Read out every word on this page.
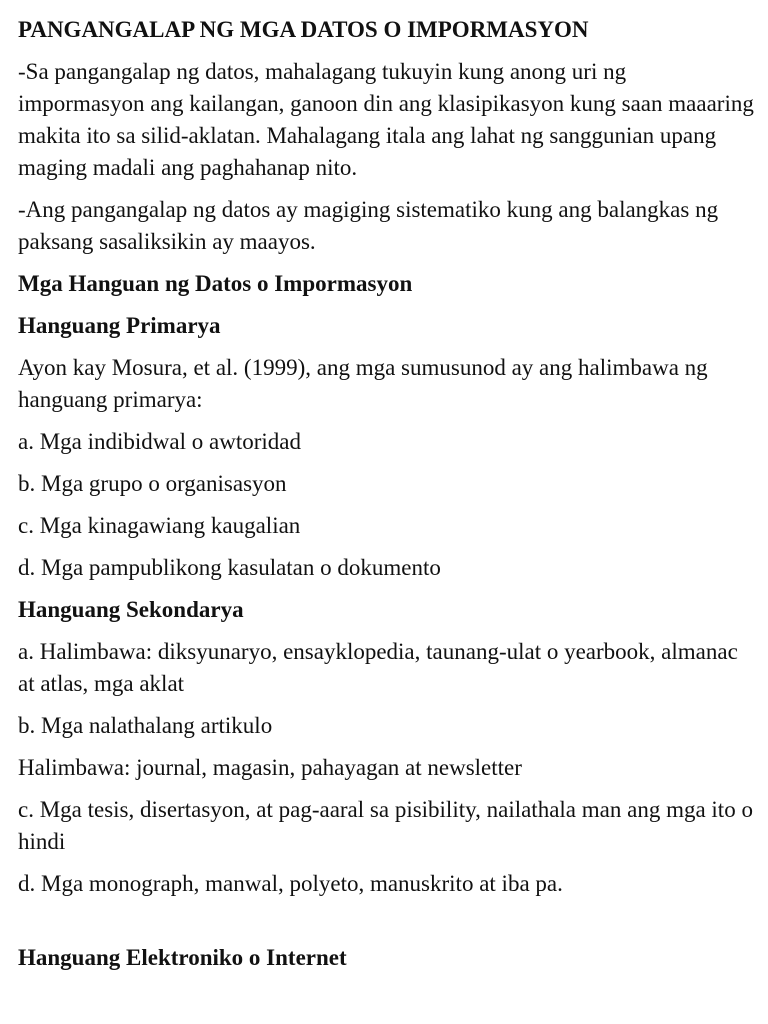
PANGANGALAP NG MGA DATOS O IMPORMASYON

-Sa pangangalap ng datos, mahalagang tukuyin kung anong uri ng impormasyon ang kailangan, ganoon din ang klasipikasyon kung saan maaaring makita ito sa silid-aklatan. Mahalagang itala ang lahat ng sanggunian upang maging madali ang paghahanap nito.

-Ang pangangalap ng datos ay magiging sistematiko kung ang balangkas ng paksang sasaliksikin ay maayos.

Mga Hanguan ng Datos o Impormasyon
Hanguang Primarya

Ayon kay Mosura, et al. (1999), ang mga sumusunod ay ang halimbawa ng hanguang primarya:

a. Mga indibidwal o awtoridad

b. Mga grupo o organisasyon

c. Mga kinagawiang kaugalian

d. Mga pampublikong kasulatan o dokumento

Hanguang Sekondarya

a. Halimbawa: diksyunaryo, ensayklopedia, taunang-ulat o yearbook, almanac at atlas, mga aklat

b. Mga nalathalang artikulo

Halimbawa: journal, magasin, pahayagan at newsletter

c. Mga tesis, disertasyon, at pag-aaral sa pisibility, nailathala man ang mga ito o hindi

d. Mga monograph, manwal, polyeto, manuskrito at iba pa.

Hanguang Elektroniko o Internet
